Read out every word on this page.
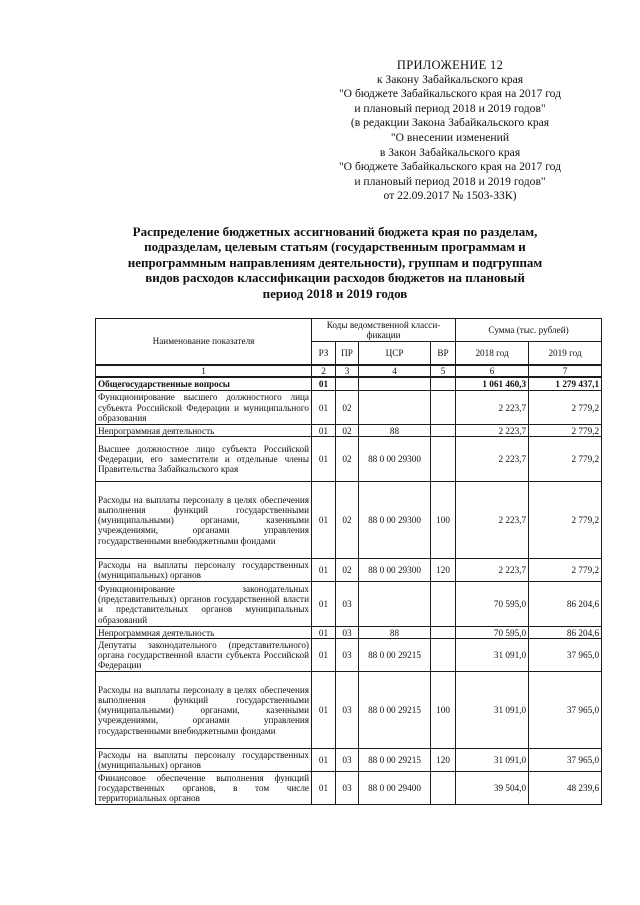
ПРИЛОЖЕНИЕ 12
к Закону Забайкальского края
"О бюджете Забайкальского края на 2017 год
и плановый период 2018 и 2019 годов"
(в редакции Закона Забайкальского края
"О внесении изменений
в Закон Забайкальского края
"О бюджете Забайкальского края на 2017 год
и плановый период 2018 и 2019 годов"
от 22.09.2017 № 1503-ЗЗК)
Распределение бюджетных ассигнований бюджета края по разделам,
подразделам, целевым статьям (государственным программам и
непрограммным направлениям деятельности), группам и подгруппам
видов расходов классификации расходов бюджетов на плановый
период 2018 и 2019 годов
Наименование показателя	Коды ведомственной класси-фикации				Сумма (тыс. рублей)	
	РЗ	ПР	ЦСР	ВР	2018 год	2019 год
1	2	3	4	5	6	7
Общегосударственные вопросы	01				1 061 460,3	1 279 437,1
Функционирование высшего должностного лица субъекта Российской Федерации и муниципального образования	01	02			2 223,7	2 779,2
Непрограммная деятельность	01	02	88		2 223,7	2 779,2
Высшее должностное лицо субъекта Российской Федерации, его заместители и отдельные члены Правительства Забайкальского края	01	02	88 0 00 29300		2 223,7	2 779,2
Расходы на выплаты персоналу в целях обеспечения выполнения функций государственными (муниципальными) органами, казенными учреждениями, органами управления государственными внебюджетными фондами	01	02	88 0 00 29300	100	2 223,7	2 779,2
Расходы на выплаты персоналу государственных (муниципальных) органов	01	02	88 0 00 29300	120	2 223,7	2 779,2
Функционирование законодательных (представительных) органов государственной власти и представительных органов муниципальных образований	01	03			70 595,0	86 204,6
Непрограммная деятельность	01	03	88		70 595,0	86 204,6
Депутаты законодательного (представительного) органа государственной власти субъекта Российской Федерации	01	03	88 0 00 29215		31 091,0	37 965,0
Расходы на выплаты персоналу в целях обеспечения выполнения функций государственными (муниципальными) органами, казенными учреждениями, органами управления государственными внебюджетными фондами	01	03	88 0 00 29215	100	31 091,0	37 965,0
Расходы на выплаты персоналу государственных (муниципальных) органов	01	03	88 0 00 29215	120	31 091,0	37 965,0
Финансовое обеспечение выполнения функций государственных органов, в том числе территориальных органов	01	03	88 0 00 29400		39 504,0	48 239,6
